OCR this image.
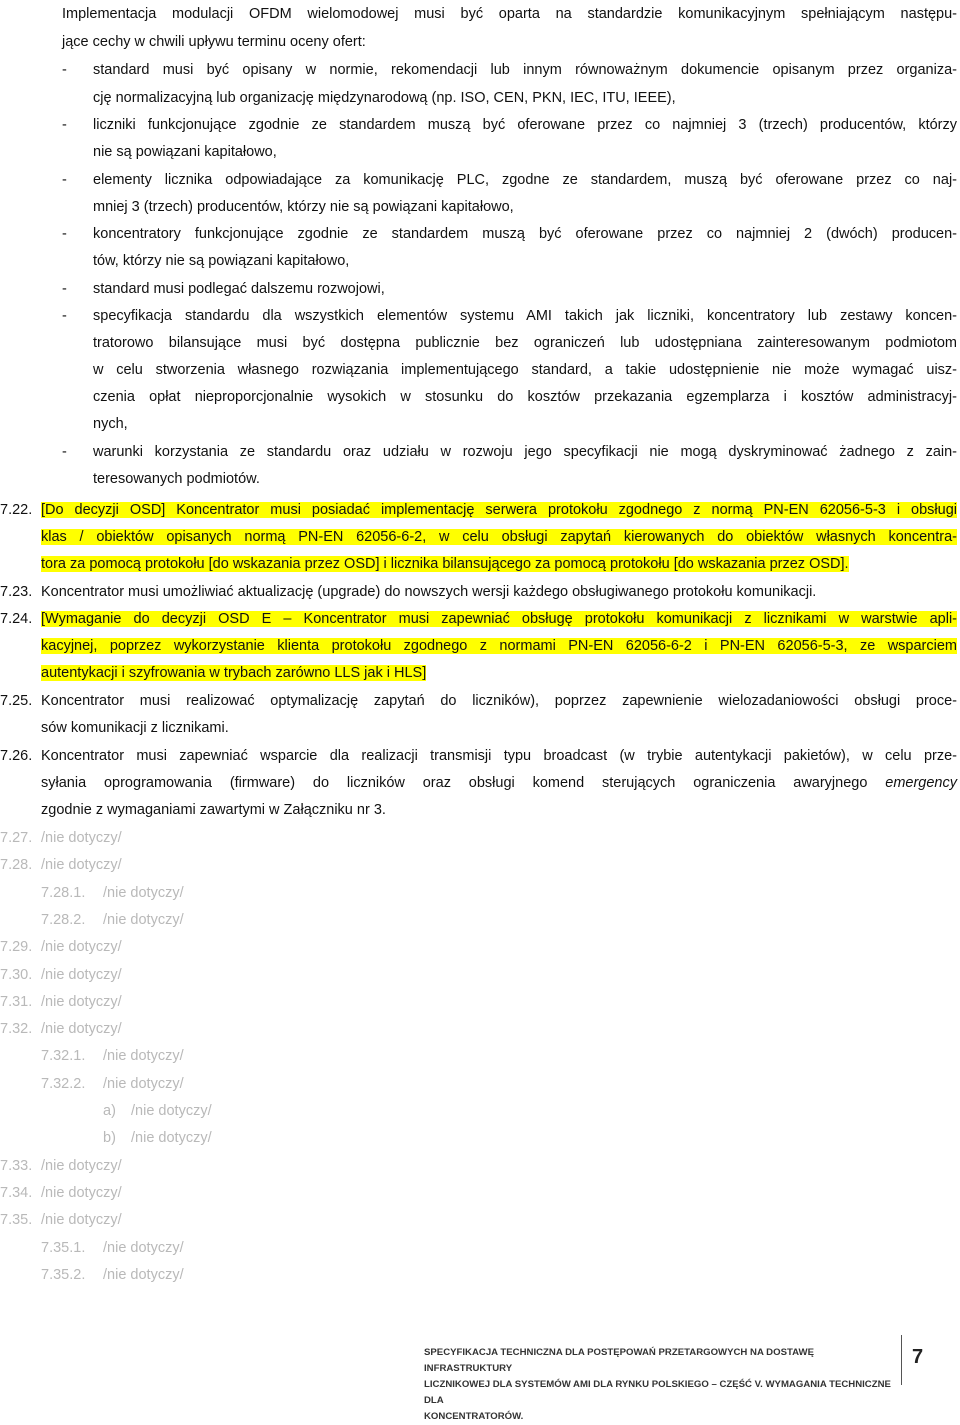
Implementacja modulacji OFDM wielomodowej musi być oparta na standardzie komunikacyjnym spełniającym następu-
jące cechy w chwili upływu terminu oceny ofert:
- standard musi być opisany w normie, rekomendacji lub innym równoważnym dokumencie opisanym przez organiza-
cję normalizacyjną lub organizację międzynarodową (np. ISO, CEN, PKN, IEC, ITU, IEEE),
- liczniki funkcjonujące zgodnie ze standardem muszą być oferowane przez co najmniej 3 (trzech) producentów, którzy
nie są powiązani kapitałowo,
- elementy licznika odpowiadające za komunikację PLC, zgodne ze standardem, muszą być oferowane przez co naj-
mniej 3 (trzech) producentów, którzy nie są powiązani kapitałowo,
- koncentratory funkcjonujące zgodnie ze standardem muszą być oferowane przez co najmniej 2 (dwóch) producen-
tów, którzy nie są powiązani kapitałowo,
- standard musi podlegać dalszemu rozwojowi,
- specyfikacja standardu dla wszystkich elementów systemu AMI takich jak liczniki, koncentratory lub zestawy koncen-
tratorowo bilansujące musi być dostępna publicznie bez ograniczeń lub udostępniana zainteresowanym podmiotom
w celu stworzenia własnego rozwiązania implementującego standard, a takie udostępnienie nie może wymagać uisz-
czenia opłat nieproporcjonalnie wysokich w stosunku do kosztów przekazania egzemplarza i kosztów administracyj-
nych,
- warunki korzystania ze standardu oraz udziału w rozwoju jego specyfikacji nie mogą dyskryminować żadnego z zain-
teresowanych podmiotów.
7.22. [Do decyzji OSD] Koncentrator musi posiadać implementację serwera protokołu zgodnego z normą PN-EN 62056-5-3 i obsługi
klas / obiektów opisanych normą PN-EN 62056-6-2, w celu obsługi zapytań kierowanych do obiektów własnych koncentra-
tora za pomocą protokołu [do wskazania przez OSD] i licznika bilansującego za pomocą protokołu [do wskazania przez OSD].
7.23. Koncentrator musi umożliwiać aktualizację (upgrade) do nowszych wersji każdego obsługiwanego protokołu komunikacji.
7.24. [Wymaganie do decyzji OSD E – Koncentrator musi zapewniać obsługę protokołu komunikacji z licznikami w warstwie apli-
kacyjnej, poprzez wykorzystanie klienta protokołu zgodnego z normami PN-EN 62056-6-2 i PN-EN 62056-5-3, ze wsparciem
autentykacji i szyfrowania w trybach zarówno LLS jak i HLS]
7.25. Koncentrator musi realizować optymalizację zapytań do liczników), poprzez zapewnienie wielozadaniowości obsługi proce-
sów komunikacji z licznikami.
7.26. Koncentrator musi zapewniać wsparcie dla realizacji transmisji typu broadcast (w trybie autentykacji pakietów), w celu prze-
syłania oprogramowania (firmware) do liczników oraz obsługi komend sterujących ograniczenia awaryjnego emergency
zgodnie z wymaganiami zawartymi w Załączniku nr 3.
7.27. /nie dotyczy/
7.28. /nie dotyczy/
7.28.1. /nie dotyczy/
7.28.2. /nie dotyczy/
7.29. /nie dotyczy/
7.30. /nie dotyczy/
7.31. /nie dotyczy/
7.32. /nie dotyczy/
7.32.1. /nie dotyczy/
7.32.2. /nie dotyczy/
a) /nie dotyczy/
b) /nie dotyczy/
7.33. /nie dotyczy/
7.34. /nie dotyczy/
7.35. /nie dotyczy/
7.35.1. /nie dotyczy/
7.35.2. /nie dotyczy/
SPECYFIKACJA TECHNICZNA DLA POSTĘPOWAŃ PRZETARGOWYCH NA DOSTAWĘ INFRASTRUKTURY
LICZNIKOWEJ DLA SYSTEMÓW AMI DLA RYNKU POLSKIEGO – CZĘŚĆ V. WYMAGANIA TECHNICZNE DLA
KONCENTRATORÓW.
7
